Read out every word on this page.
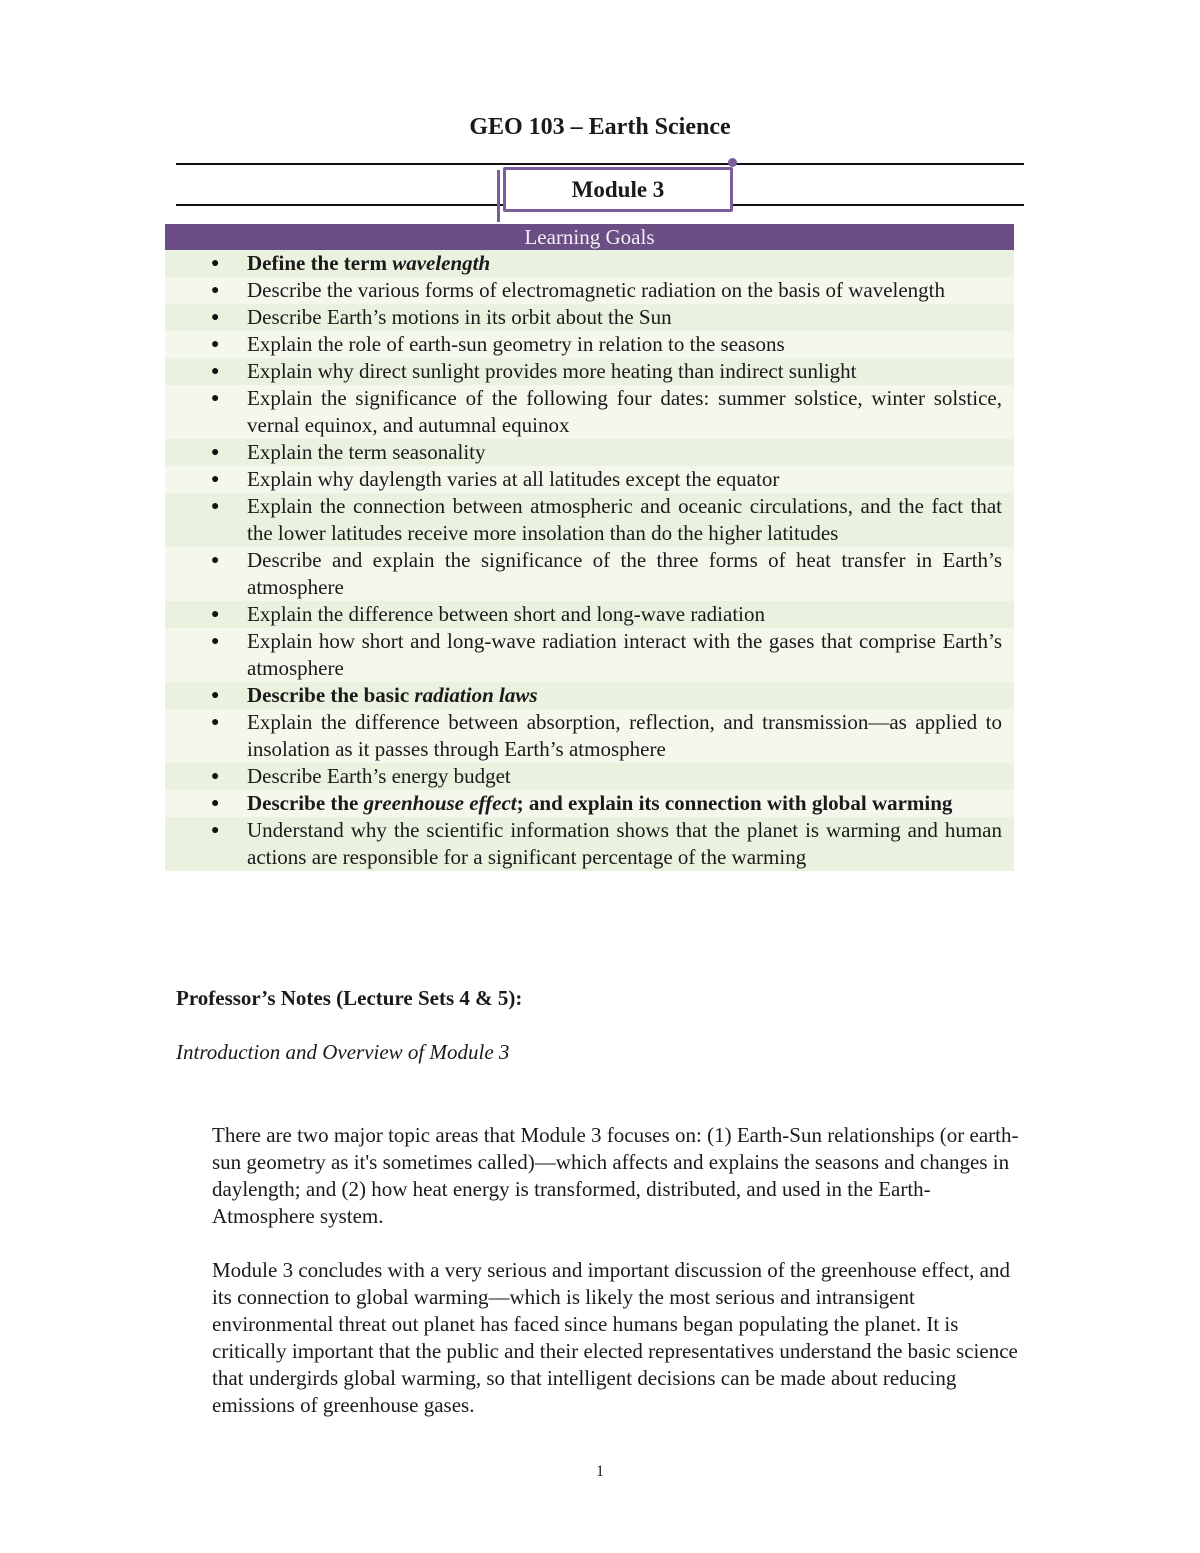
GEO 103 – Earth Science
Module 3
Learning Goals
● Define the term wavelength
● Describe the various forms of electromagnetic radiation on the basis of wavelength
● Describe Earth’s motions in its orbit about the Sun
● Explain the role of earth-sun geometry in relation to the seasons
● Explain why direct sunlight provides more heating than indirect sunlight
● Explain the significance of the following four dates: summer solstice, winter solstice, vernal equinox, and autumnal equinox
● Explain the term seasonality
● Explain why daylength varies at all latitudes except the equator
● Explain the connection between atmospheric and oceanic circulations, and the fact that the lower latitudes receive more insolation than do the higher latitudes
● Describe and explain the significance of the three forms of heat transfer in Earth’s atmosphere
● Explain the difference between short and long-wave radiation
● Explain how short and long-wave radiation interact with the gases that comprise Earth’s atmosphere
● Describe the basic radiation laws
● Explain the difference between absorption, reflection, and transmission—as applied to insolation as it passes through Earth’s atmosphere
● Describe Earth’s energy budget
● Describe the greenhouse effect; and explain its connection with global warming
● Understand why the scientific information shows that the planet is warming and human actions are responsible for a significant percentage of the warming
Professor’s Notes (Lecture Sets 4 & 5):

Introduction and Overview of Module 3

There are two major topic areas that Module 3 focuses on: (1) Earth-Sun relationships (or earth-sun geometry as it's sometimes called)—which affects and explains the seasons and changes in daylength; and (2) how heat energy is transformed, distributed, and used in the Earth-Atmosphere system.

Module 3 concludes with a very serious and important discussion of the greenhouse effect, and its connection to global warming—which is likely the most serious and intransigent environmental threat out planet has faced since humans began populating the planet. It is critically important that the public and their elected representatives understand the basic science that undergirds global warming, so that intelligent decisions can be made about reducing emissions of greenhouse gases.

1
